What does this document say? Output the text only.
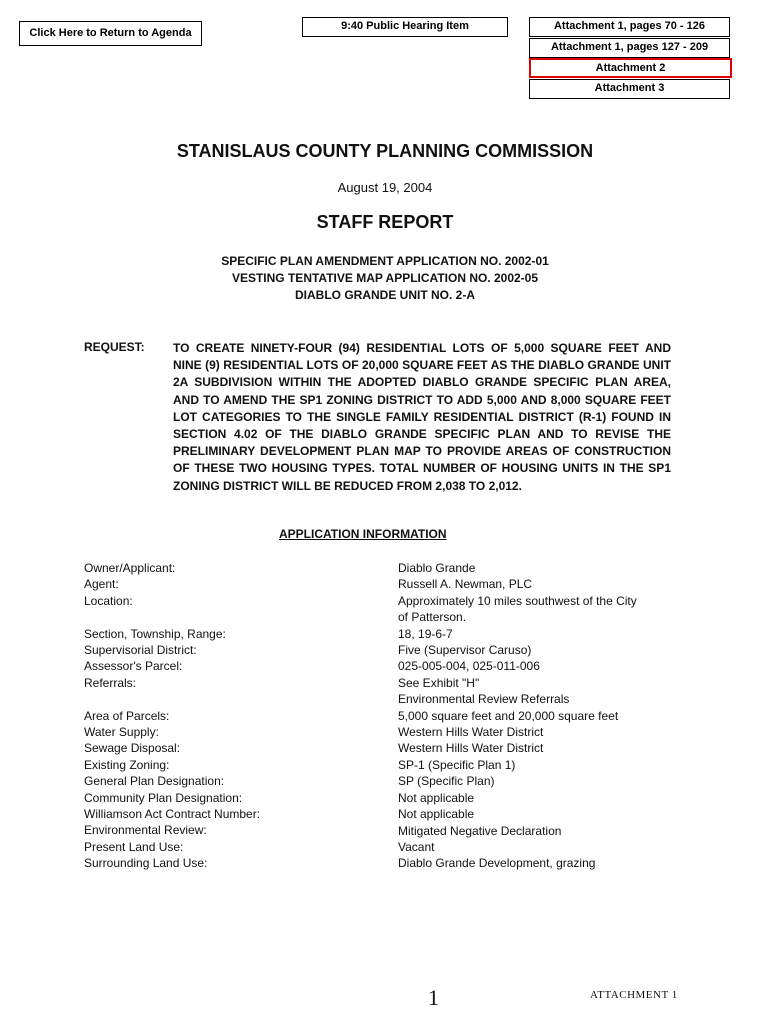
Click Here to Return to Agenda
9:40 Public Hearing Item	Attachment 1, pages 70 - 126
Attachment 1, pages 127 - 209
Attachment 2
Attachment 3
STANISLAUS COUNTY PLANNING COMMISSION
August 19, 2004
STAFF REPORT
SPECIFIC PLAN AMENDMENT APPLICATION NO. 2002-01
VESTING TENTATIVE MAP APPLICATION NO. 2002-05
DIABLO GRANDE UNIT NO. 2-A
REQUEST: TO CREATE NINETY-FOUR (94) RESIDENTIAL LOTS OF 5,000 SQUARE FEET AND NINE (9) RESIDENTIAL LOTS OF 20,000 SQUARE FEET AS THE DIABLO GRANDE UNIT 2A SUBDIVISION WITHIN THE ADOPTED DIABLO GRANDE SPECIFIC PLAN AREA, AND TO AMEND THE SP1 ZONING DISTRICT TO ADD 5,000 AND 8,000 SQUARE FEET LOT CATEGORIES TO THE SINGLE FAMILY RESIDENTIAL DISTRICT (R-1) FOUND IN SECTION 4.02 OF THE DIABLO GRANDE SPECIFIC PLAN AND TO REVISE THE PRELIMINARY DEVELOPMENT PLAN MAP TO PROVIDE AREAS OF CONSTRUCTION OF THESE TWO HOUSING TYPES. TOTAL NUMBER OF HOUSING UNITS IN THE SP1 ZONING DISTRICT WILL BE REDUCED FROM 2,038 TO 2,012.
APPLICATION INFORMATION
Owner/Applicant:
Agent:
Location:
Section, Township, Range:
Supervisorial District:
Assessor's Parcel:
Referrals:
Area of Parcels:
Water Supply:
Sewage Disposal:
Existing Zoning:
General Plan Designation:
Community Plan Designation:
Williamson Act Contract Number:
Environmental Review:
Present Land Use:
Surrounding Land Use:
Diablo Grande
Russell A. Newman, PLC
Approximately 10 miles southwest of the City
of Patterson.
18, 19-6-7
Five (Supervisor Caruso)
025-005-004, 025-011-006
See Exhibit "H"
Environmental Review Referrals
5,000 square feet and 20,000 square feet
Western Hills Water District
Western Hills Water District
SP-1 (Specific Plan 1)
SP (Specific Plan)
Not applicable
Not applicable
Mitigated Negative Declaration
Vacant
Diablo Grande Development, grazing
1	ATTACHMENT 1
